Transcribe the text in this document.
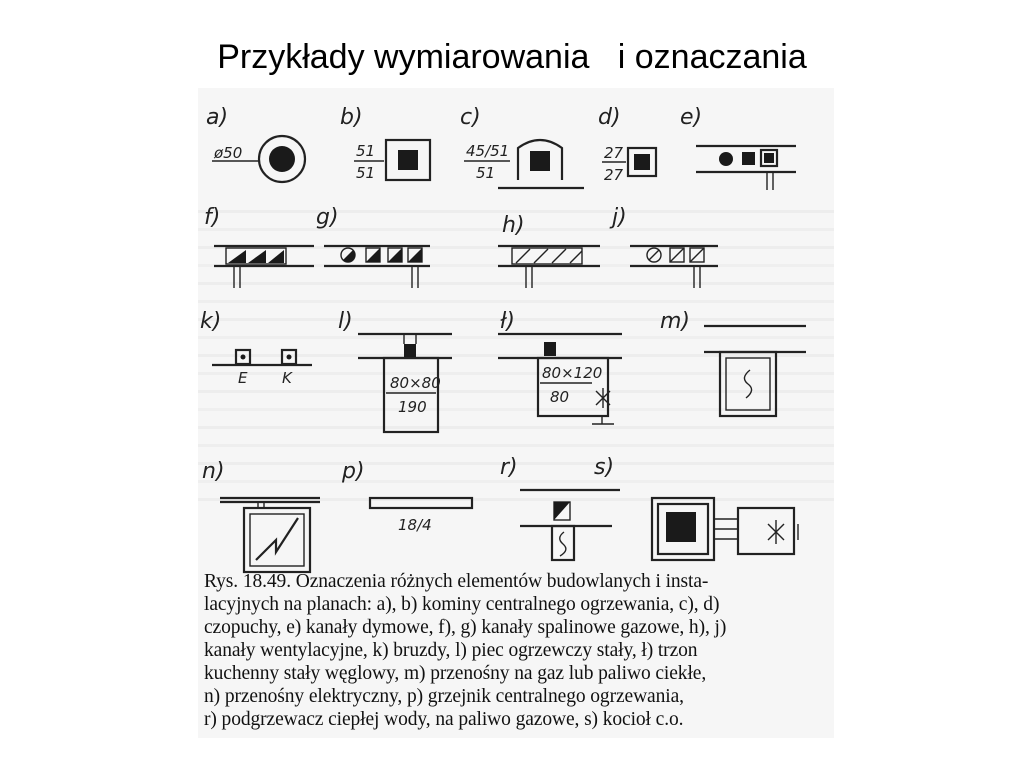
Przykłady wymiarowania   i oznaczania
a)
ø50
b)
51
51
c)
45/51
51
d)
27
27
e)
f)	g)	h)	j)
k)
E K
l)
80×80
190
ł)
80×120
80
m)
n)	p)
18/4
r)	s)
Rys. 18.49. Oznaczenia różnych elementów budowlanych i insta-
lacyjnych na planach: a), b) kominy centralnego ogrzewania, c), d)
czopuchy, e) kanały dymowe, f), g) kanały spalinowe gazowe, h), j)
kanały wentylacyjne, k) bruzdy, l) piec ogrzewczy stały, ł) trzon
kuchenny stały węglowy, m) przenośny na gaz lub paliwo ciekłe,
n) przenośny elektryczny, p) grzejnik centralnego ogrzewania,
r) podgrzewacz ciepłej wody, na paliwo gazowe, s) kocioł c.o.
